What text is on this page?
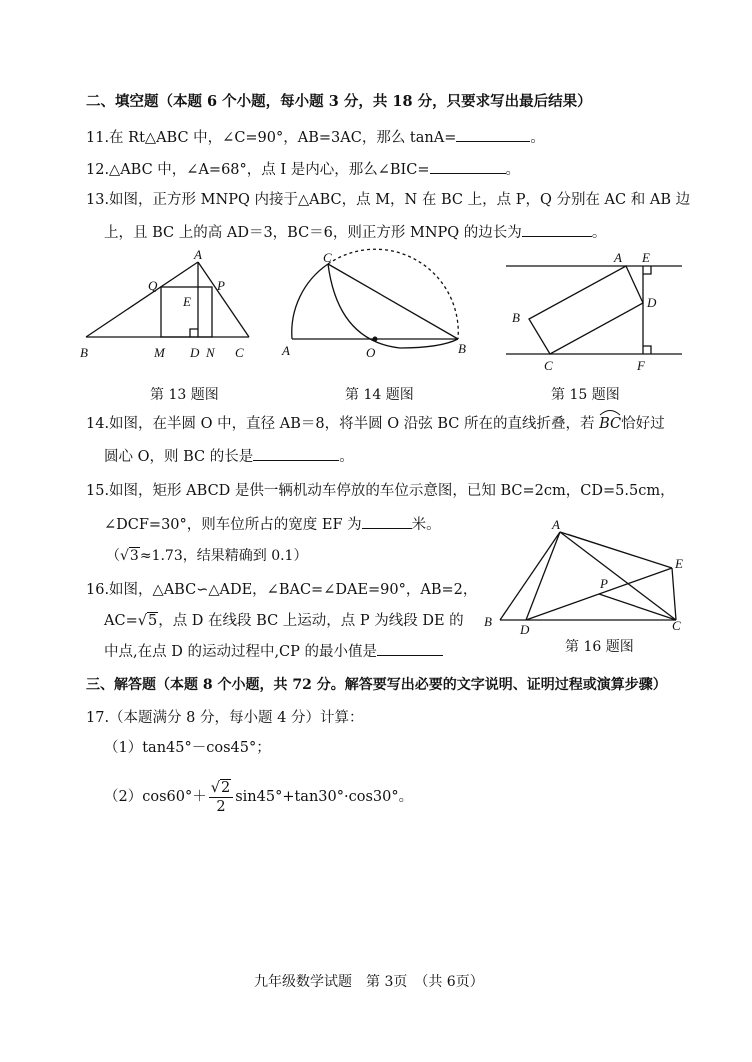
二、填空题（本题 6 个小题，每小题 3 分，共 18 分，只要求写出最后结果）
11.在 Rt△ABC 中，∠C=90°，AB=3AC，那么 tanA=	。
12.△ABC 中，∠A=68°，点 I 是内心，那么∠BIC=	。
13.如图，正方形 MNPQ 内接于△ABC，点 M，N 在 BC 上，点 P，Q 分别在 AC 和 AB 边
上，且 BC 上的高 AD＝3，BC＝6，则正方形 MNPQ 的边长为	。
A
Q	P
E
B	M D N C
第 13 题图
C
A	O	B
第 14 题图
A E
D
B
C	F
第 15 题图
14.如图，在半圆 O 中，直径 AB＝8，将半圆 O 沿弦 BC 所在的直线折叠，若 BC恰好过
圆心 O，则 BC 的长是	。
15.如图，矩形 ABCD 是供一辆机动车停放的车位示意图，已知 BC=2cm，CD=5.5cm，
∠DCF=30°，则车位所占的宽度 EF 为	米。
（√3≈1.73，结果精确到 0.1）
A
E
P
B
D	C
第 16 题图
16.如图，△ABC∽△ADE，∠BAC=∠DAE=90°，AB=2，
AC=√5，点 D 在线段 BC 上运动，点 P 为线段 DE 的
中点,在点 D 的运动过程中,CP 的最小值是
三、解答题（本题 8 个小题，共 72 分。解答要写出必要的文字说明、证明过程或演算步骤）
17.（本题满分 8 分，每小题 4 分）计算：
（1）tan45°－cos45°；
$(2)\cos 60^\circ+ \frac{√2}{2} \sin 45^\circ+\tan 30^\circ\cdot\cos 30^\circ$。
九年级数学试题　第 3页　（共 6页）
